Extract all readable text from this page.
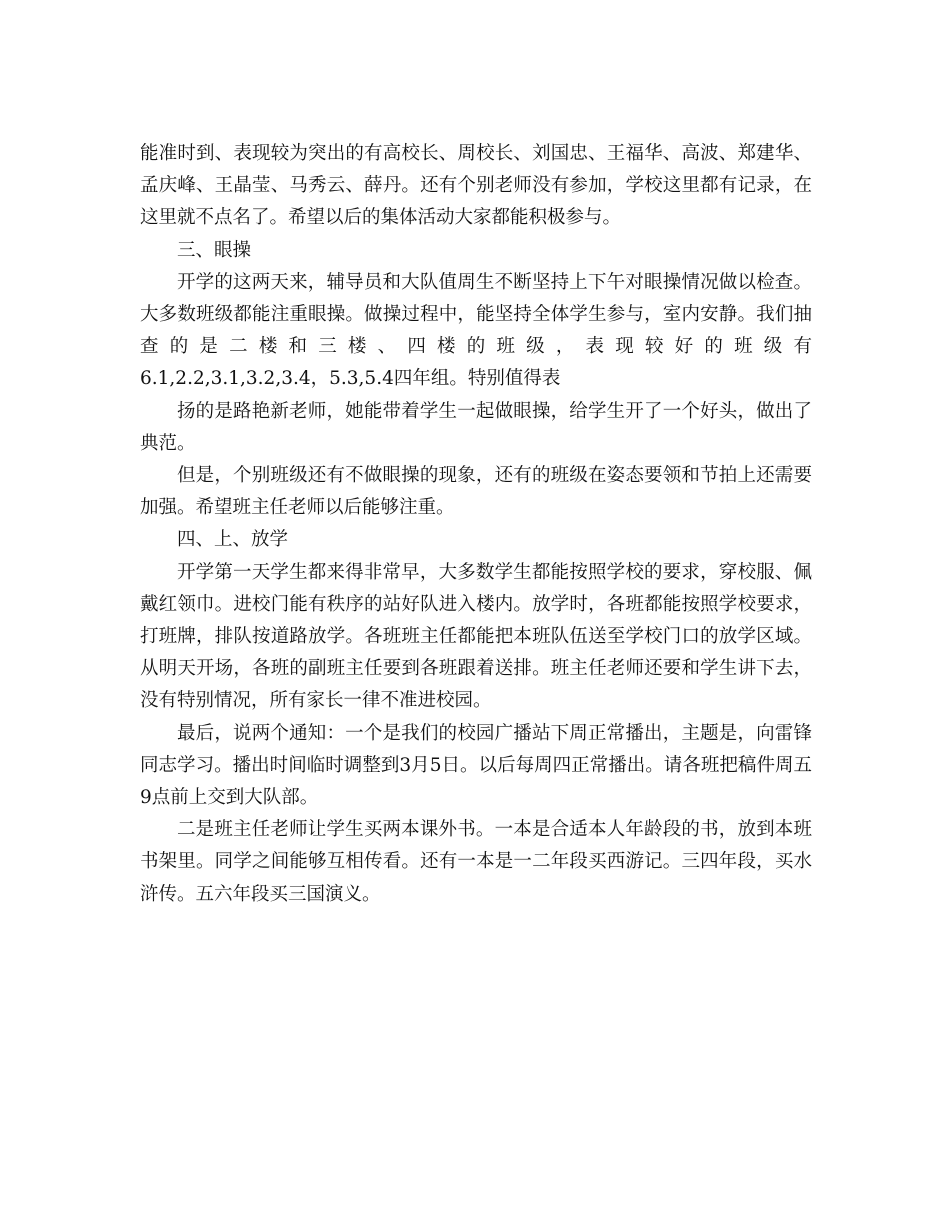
能准时到、表现较为突出的有高校长、周校长、刘国忠、王福华、高波、郑建华、孟庆峰、王晶莹、马秀云、薛丹。还有个别老师没有参加，学校这里都有记录，在这里就不点名了。希望以后的集体活动大家都能积极参与。

三、眼操

开学的这两天来，辅导员和大队值周生不断坚持上下午对眼操情况做以检查。大多数班级都能注重眼操。做操过程中，能坚持全体学生参与，室内安静。我们抽查的是二楼和三楼、四楼的班级，表现较好的班级有

6.1,2.2,3.1,3.2,3.4，5.3,5.4四年组。特别值得表

扬的是路艳新老师，她能带着学生一起做眼操，给学生开了一个好头，做出了典范。

但是，个别班级还有不做眼操的现象，还有的班级在姿态要领和节拍上还需要加强。希望班主任老师以后能够注重。

四、上、放学

开学第一天学生都来得非常早，大多数学生都能按照学校的要求，穿校服、佩戴红领巾。进校门能有秩序的站好队进入楼内。放学时，各班都能按照学校要求，打班牌，排队按道路放学。各班班主任都能把本班队伍送至学校门口的放学区域。从明天开场，各班的副班主任要到各班跟着送排。班主任老师还要和学生讲下去，没有特别情况，所有家长一律不准进校园。

最后，说两个通知：一个是我们的校园广播站下周正常播出，主题是，向雷锋同志学习。播出时间临时调整到3月5日。以后每周四正常播出。请各班把稿件周五9点前上交到大队部。

二是班主任老师让学生买两本课外书。一本是合适本人年龄段的书，放到本班书架里。同学之间能够互相传看。还有一本是一二年段买西游记。三四年段，买水浒传。五六年段买三国演义。
